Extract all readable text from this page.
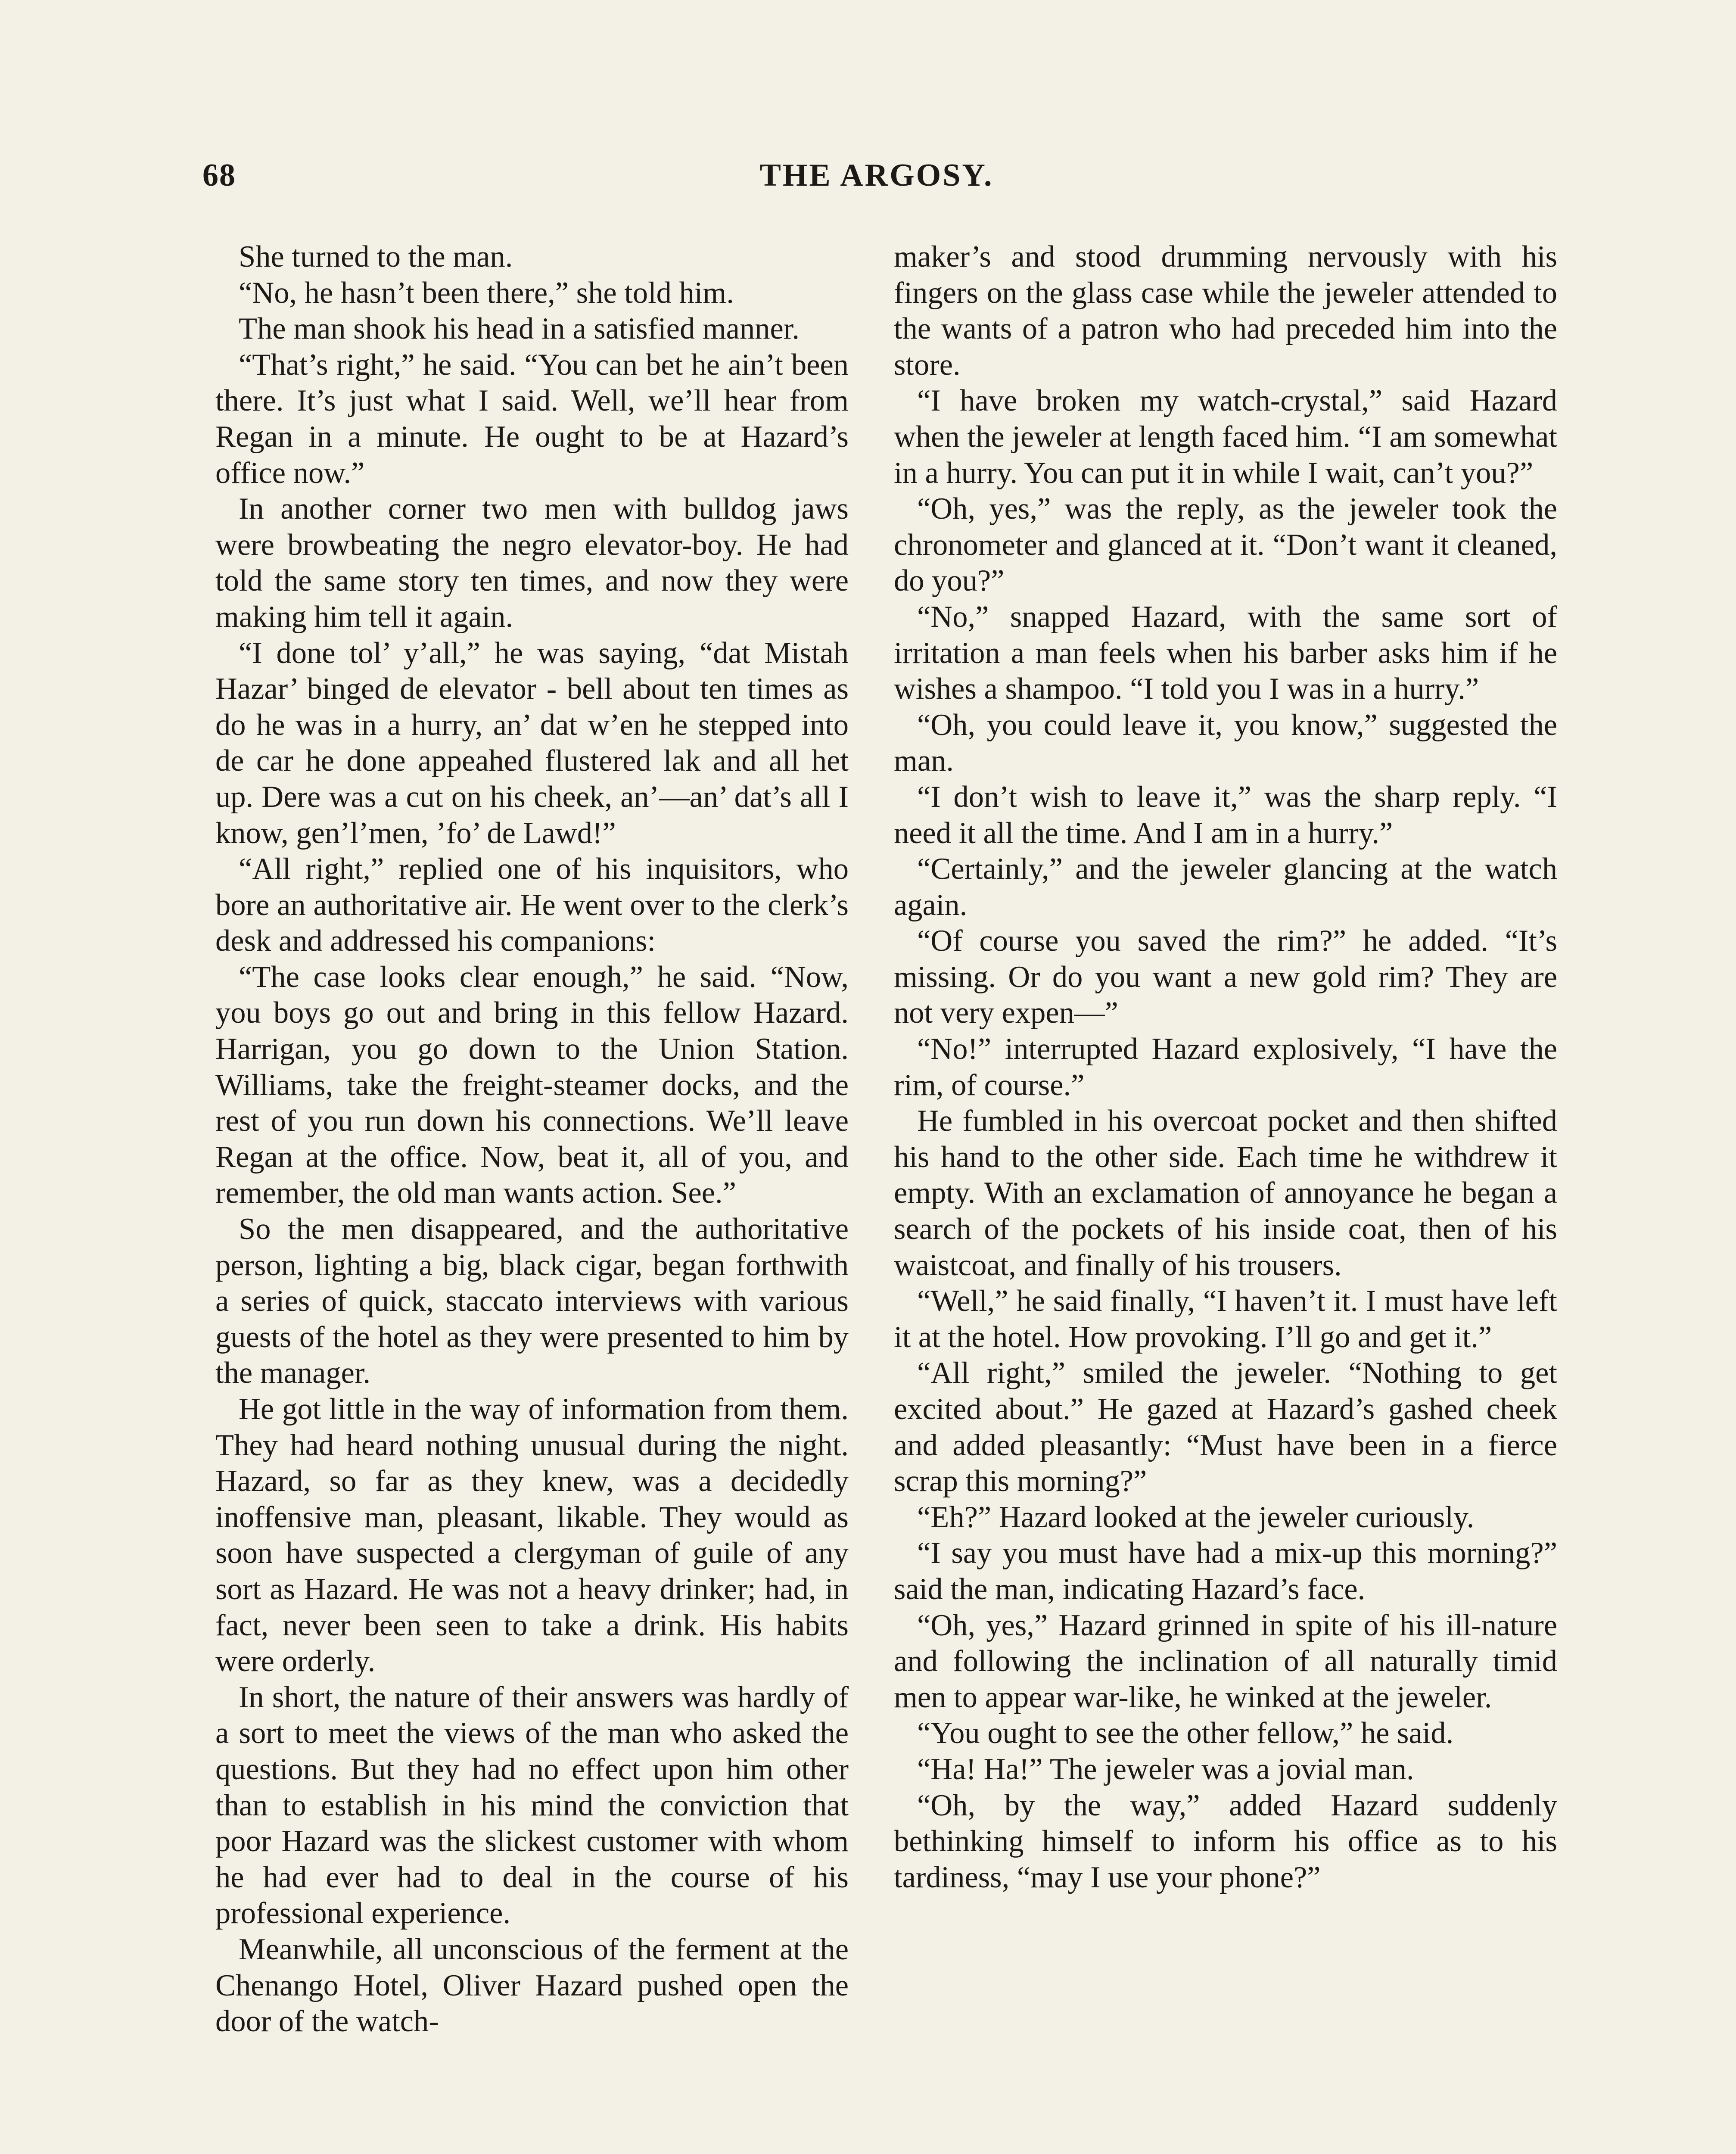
68	THE ARGOSY.

She turned to the man.

“No, he hasn’t been there,” she told him.

The man shook his head in a satisfied manner.

“That’s right,” he said. “You can bet he ain’t been there. It’s just what I said. Well, we’ll hear from Regan in a minute. He ought to be at Hazard’s office now.”

In another corner two men with bulldog jaws were browbeating the negro elevator-boy. He had told the same story ten times, and now they were making him tell it again.

“I done tol’ y’all,” he was saying, “dat Mistah Hazar’ binged de elevator - bell about ten times as do he was in a hurry, an’ dat w’en he stepped into de car he done appeahed flustered lak and all het up. Dere was a cut on his cheek, an’—an’ dat’s all I know, gen’l’men, ’fo’ de Lawd!”

“All right,” replied one of his inquisitors, who bore an authoritative air. He went over to the clerk’s desk and addressed his companions:

“The case looks clear enough,” he said. “Now, you boys go out and bring in this fellow Hazard. Harrigan, you go down to the Union Station. Williams, take the freight-steamer docks, and the rest of you run down his connections. We’ll leave Regan at the office. Now, beat it, all of you, and remember, the old man wants action. See.”

So the men disappeared, and the authoritative person, lighting a big, black cigar, began forthwith a series of quick, staccato interviews with various guests of the hotel as they were presented to him by the manager.

He got little in the way of information from them. They had heard nothing unusual during the night. Hazard, so far as they knew, was a decidedly inoffensive man, pleasant, likable. They would as soon have suspected a clergyman of guile of any sort as Hazard. He was not a heavy drinker; had, in fact, never been seen to take a drink. His habits were orderly.

In short, the nature of their answers was hardly of a sort to meet the views of the man who asked the questions. But they had no effect upon him other than to establish in his mind the conviction that poor Hazard was the slickest customer with whom he had ever had to deal in the course of his professional experience.

Meanwhile, all unconscious of the ferment at the Chenango Hotel, Oliver Hazard pushed open the door of the watch-

maker’s and stood drumming nervously with his fingers on the glass case while the jeweler attended to the wants of a patron who had preceded him into the store.

“I have broken my watch-crystal,” said Hazard when the jeweler at length faced him. “I am somewhat in a hurry. You can put it in while I wait, can’t you?”

“Oh, yes,” was the reply, as the jeweler took the chronometer and glanced at it. “Don’t want it cleaned, do you?”

“No,” snapped Hazard, with the same sort of irritation a man feels when his barber asks him if he wishes a shampoo. “I told you I was in a hurry.”

“Oh, you could leave it, you know,” suggested the man.

“I don’t wish to leave it,” was the sharp reply. “I need it all the time. And I am in a hurry.”

“Certainly,” and the jeweler glancing at the watch again.

“Of course you saved the rim?” he added. “It’s missing. Or do you want a new gold rim? They are not very expen—”

“No!” interrupted Hazard explosively, “I have the rim, of course.”

He fumbled in his overcoat pocket and then shifted his hand to the other side. Each time he withdrew it empty. With an exclamation of annoyance he began a search of the pockets of his inside coat, then of his waistcoat, and finally of his trousers.

“Well,” he said finally, “I haven’t it. I must have left it at the hotel. How provoking. I’ll go and get it.”

“All right,” smiled the jeweler. “Nothing to get excited about.” He gazed at Hazard’s gashed cheek and added pleasantly: “Must have been in a fierce scrap this morning?”

“Eh?” Hazard looked at the jeweler curiously.

“I say you must have had a mix-up this morning?” said the man, indicating Hazard’s face.

“Oh, yes,” Hazard grinned in spite of his ill-nature and following the inclination of all naturally timid men to appear war-like, he winked at the jeweler.

“You ought to see the other fellow,” he said.

“Ha! Ha!” The jeweler was a jovial man.

“Oh, by the way,” added Hazard suddenly bethinking himself to inform his office as to his tardiness, “may I use your phone?”
